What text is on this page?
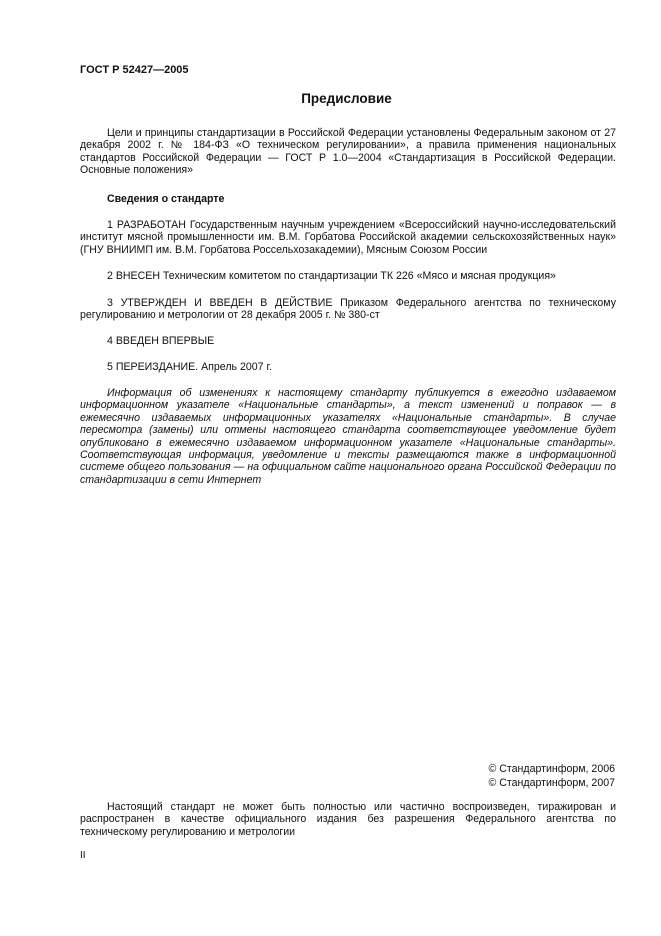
ГОСТ Р 52427—2005
Предисловие
Цели и принципы стандартизации в Российской Федерации установлены Федеральным законом от 27 декабря 2002 г. № 184-ФЗ «О техническом регулировании», а правила применения национальных стандартов Российской Федерации — ГОСТ Р 1.0—2004 «Стандартизация в Российской Федерации. Основные положения»
Сведения о стандарте
1 РАЗРАБОТАН Государственным научным учреждением «Всероссийский научно-исследовательский институт мясной промышленности им. В.М. Горбатова Российской академии сельскохозяйственных наук» (ГНУ ВНИИМП им. В.М. Горбатова Россельхозакадемии), Мясным Союзом России
2 ВНЕСЕН Техническим комитетом по стандартизации ТК 226 «Мясо и мясная продукция»
3 УТВЕРЖДЕН И ВВЕДЕН В ДЕЙСТВИЕ Приказом Федерального агентства по техническому регулированию и метрологии от 28 декабря 2005 г. № 380-ст
4 ВВЕДЕН ВПЕРВЫЕ
5 ПЕРЕИЗДАНИЕ. Апрель 2007 г.
Информация об изменениях к настоящему стандарту публикуется в ежегодно издаваемом информационном указателе «Национальные стандарты», а текст изменений и поправок — в ежемесячно издаваемых информационных указателях «Национальные стандарты». В случае пересмотра (замены) или отмены настоящего стандарта соответствующее уведомление будет опубликовано в ежемесячно издаваемом информационном указателе «Национальные стандарты». Соответствующая информация, уведомление и тексты размещаются также в информационной системе общего пользования — на официальном сайте национального органа Российской Федерации по стандартизации в сети Интернет
© Стандартинформ, 2006
© Стандартинформ, 2007
Настоящий стандарт не может быть полностью или частично воспроизведен, тиражирован и распространен в качестве официального издания без разрешения Федерального агентства по техническому регулированию и метрологии
II
